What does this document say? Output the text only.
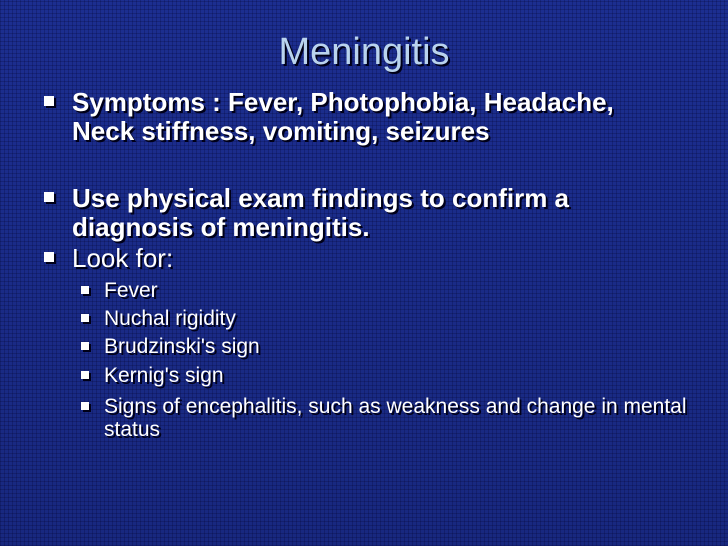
Meningitis
Symptoms : Fever, Photophobia, Headache, Neck stiffness, vomiting, seizures
Use physical exam findings to confirm a diagnosis of meningitis.
Look for:
Fever
Nuchal rigidity
Brudzinski's sign
Kernig's sign
Signs of encephalitis, such as weakness and change in mental status
